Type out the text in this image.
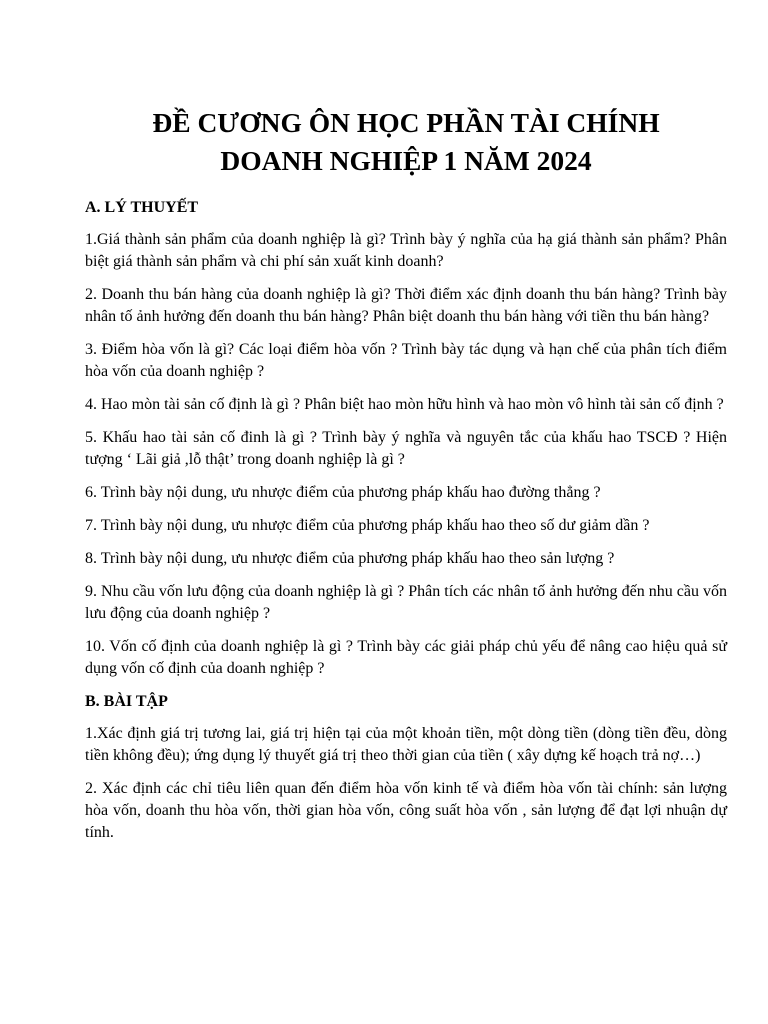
ĐỀ CƯƠNG ÔN HỌC PHẦN TÀI CHÍNH
DOANH NGHIỆP 1 NĂM 2024

A. LÝ THUYẾT

1.Giá thành sản phẩm của doanh nghiệp là gì? Trình bày ý nghĩa của hạ giá thành sản phẩm? Phân biệt giá thành sản phẩm và chi phí sản xuất kinh doanh?

2. Doanh thu bán hàng của doanh nghiệp là gì? Thời điểm xác định doanh thu bán hàng? Trình bày nhân tố ảnh hưởng đến doanh thu bán hàng? Phân biệt doanh thu bán hàng với tiền thu bán hàng?

3. Điểm hòa vốn là gì? Các loại điểm hòa vốn ? Trình bày tác dụng và hạn chế của phân tích điểm hòa vốn của doanh nghiệp ?

4. Hao mòn tài sản cố định là gì ? Phân biệt hao mòn hữu hình và hao mòn vô hình tài sản cố định ?

5. Khấu hao tài sản cố đinh là gì ? Trình bày ý nghĩa và nguyên tắc của khấu hao TSCĐ ? Hiện tượng ‘ Lãi giả ,lỗ thật’ trong doanh nghiệp là gì ?

6. Trình bày nội dung, ưu nhược điểm của phương pháp khấu hao đường thẳng ?

7. Trình bày nội dung, ưu nhược điểm của phương pháp khấu hao theo số dư giảm dần ?

8. Trình bày nội dung, ưu nhược điểm của phương pháp khấu hao theo sản lượng ?

9. Nhu cầu vốn lưu động của doanh nghiệp là gì ? Phân tích các nhân tố ảnh hưởng đến nhu cầu vốn lưu động của doanh nghiệp ?

10. Vốn cố định của doanh nghiệp là gì ? Trình bày các giải pháp chủ yếu để nâng cao hiệu quả sử dụng vốn cố định của doanh nghiệp ?

B. BÀI TẬP

1.Xác định giá trị tương lai, giá trị hiện tại của một khoản tiền, một dòng tiền (dòng tiền đều, dòng tiền không đều); ứng dụng lý thuyết giá trị theo thời gian của tiền ( xây dựng kế hoạch trả nợ…)

2. Xác định các chỉ tiêu liên quan đến điểm hòa vốn kinh tế và điểm hòa vốn tài chính: sản lượng hòa vốn, doanh thu hòa vốn, thời gian hòa vốn, công suất hòa vốn , sản lượng để đạt lợi nhuận dự tính.
